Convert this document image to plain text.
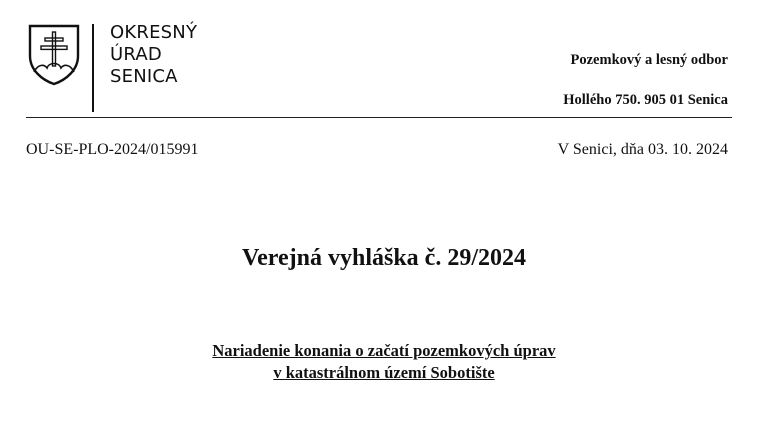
OKRESNÝ
ÚRAD
SENICA
Pozemkový a lesný odbor
Hollého 750. 905 01 Senica
OU-SE-PLO-2024/015991	V Senici, dňa 03. 10. 2024
Verejná vyhláška č. 29/2024
Nariadenie konania o začatí pozemkových úprav
v katastrálnom území Sobotište
